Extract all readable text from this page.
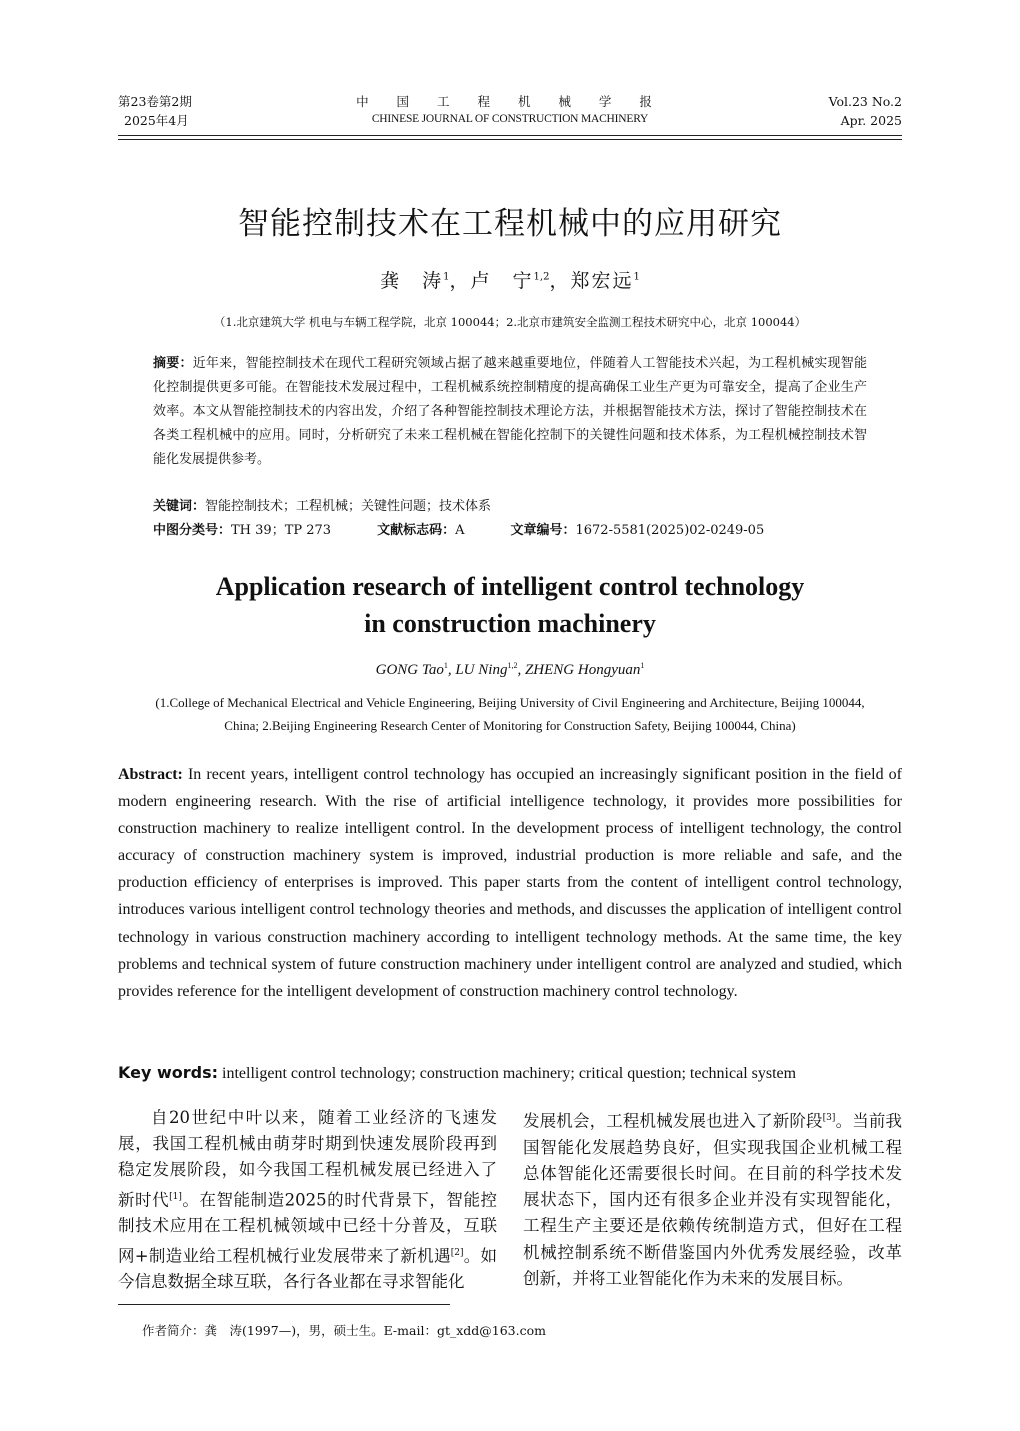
第23卷第2期
2025年4月
中 国 工 程 机 械 学 报
CHINESE JOURNAL OF CONSTRUCTION MACHINERY
Vol.23 No.2
Apr. 2025
智能控制技术在工程机械中的应用研究
龚　涛$^1$，卢　宁$^{1,2}$，郑宏远$^1$
（1.北京建筑大学 机电与车辆工程学院，北京 100044；2.北京市建筑安全监测工程技术研究中心，北京 100044）
摘要：近年来，智能控制技术在现代工程研究领域占据了越来越重要地位，伴随着人工智能技术兴起，为工程机械实现智能化控制提供更多可能。在智能技术发展过程中，工程机械系统控制精度的提高确保工业生产更为可靠安全，提高了企业生产效率。本文从智能控制技术的内容出发，介绍了各种智能控制技术理论方法，并根据智能技术方法，探讨了智能控制技术在各类工程机械中的应用。同时，分析研究了未来工程机械在智能化控制下的关键性问题和技术体系，为工程机械控制技术智能化发展提供参考。
关键词：智能控制技术；工程机械；关键性问题；技术体系
中图分类号：TH 39；TP 273	文献标志码：A	文章编号：1672-5581(2025)02-0249-05
Application research of intelligent control technology
in construction machinery
GONG Tao$^1$, LU Ning$^{1,2}$, ZHENG Hongyuan$^1$
(1.College of Mechanical Electrical and Vehicle Engineering, Beijing University of Civil Engineering and Architecture, Beijing 100044, China; 2.Beijing Engineering Research Center of Monitoring for Construction Safety, Beijing 100044, China)
Abstract: In recent years, intelligent control technology has occupied an increasingly significant position in the field of modern engineering research. With the rise of artificial intelligence technology, it provides more possibilities for construction machinery to realize intelligent control. In the development process of intelligent technology, the control accuracy of construction machinery system is improved, industrial production is more reliable and safe, and the production efficiency of enterprises is improved. This paper starts from the content of intelligent control technology, introduces various intelligent control technology theories and methods, and discusses the application of intelligent control technology in various construction machinery according to intelligent technology methods. At the same time, the key problems and technical system of future construction machinery under intelligent control are analyzed and studied, which provides reference for the intelligent development of construction machinery control technology.
Key words: intelligent control technology; construction machinery; critical question; technical system
自20世纪中叶以来，随着工业经济的飞速发展，我国工程机械由萌芽时期到快速发展阶段再到稳定发展阶段，如今我国工程机械发展已经进入了新时代[1]。在智能制造2025的时代背景下，智能控制技术应用在工程机械领域中已经十分普及，互联网+制造业给工程机械行业发展带来了新机遇[2]。如今信息数据全球互联，各行各业都在寻求智能化
发展机会，工程机械发展也进入了新阶段[3]。当前我国智能化发展趋势良好，但实现我国企业机械工程总体智能化还需要很长时间。在目前的科学技术发展状态下，国内还有很多企业并没有实现智能化，工程生产主要还是依赖传统制造方式，但好在工程机械控制系统不断借鉴国内外优秀发展经验，改革创新，并将工业智能化作为未来的发展目标。
作者简介：龚　涛(1997—)，男，硕士生。E-mail：gt_xdd@163.com
